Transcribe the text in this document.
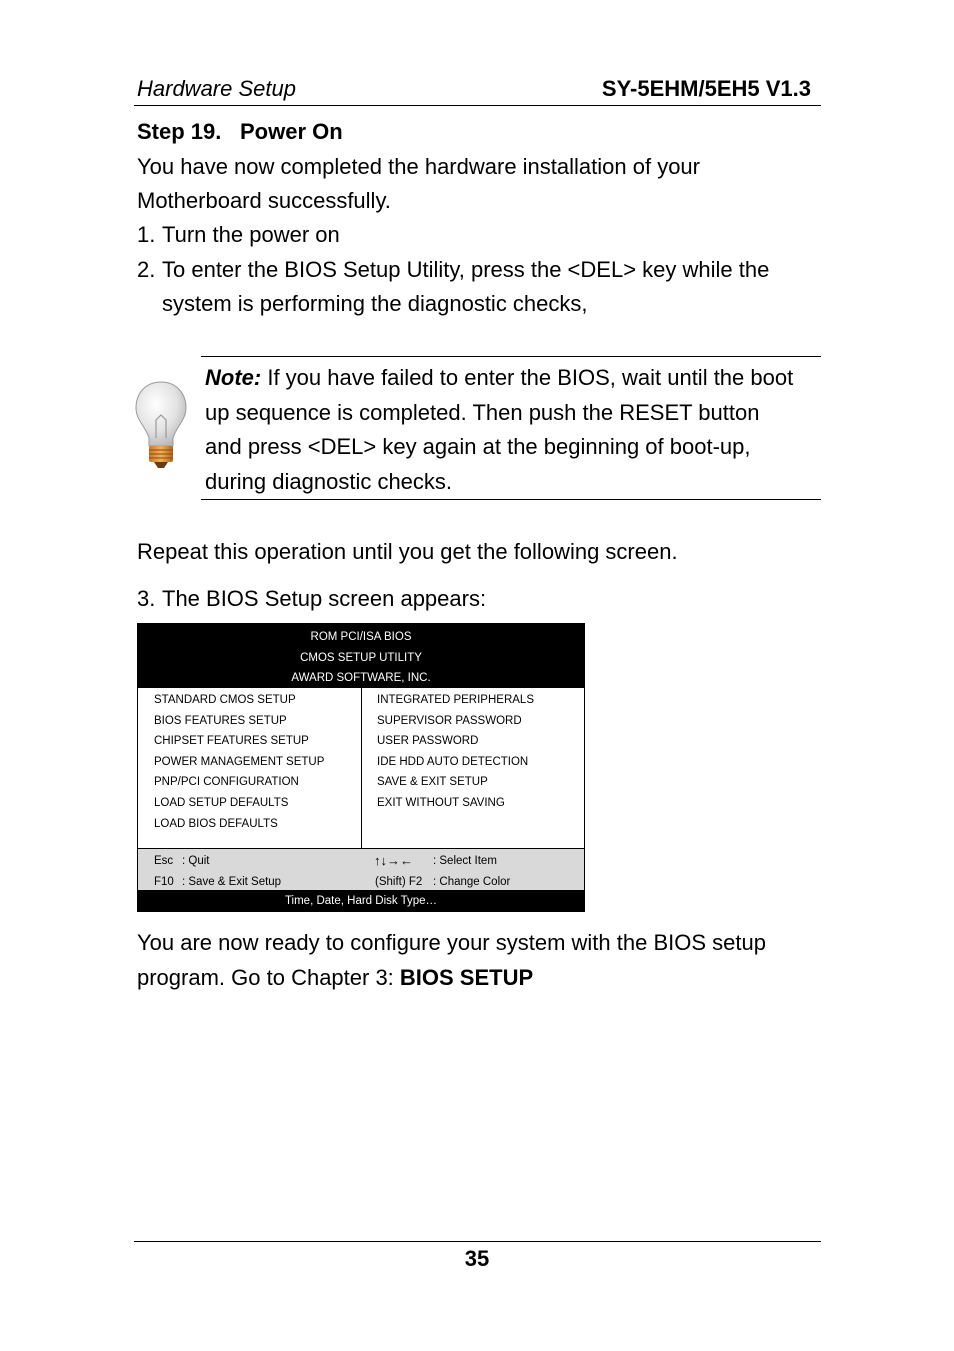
Hardware Setup	SY-5EHM/5EH5 V1.3
Step 19. Power On
You have now completed the hardware installation of your
Motherboard successfully.
1. Turn the power on
2. To enter the BIOS Setup Utility, press the <DEL> key while the
system is performing the diagnostic checks,
Note: If you have failed to enter the BIOS, wait until the boot
up sequence is completed. Then push the RESET button
and press <DEL> key again at the beginning of boot-up,
during diagnostic checks.
Repeat this operation until you get the following screen.
3. The BIOS Setup screen appears:
ROM PCI/ISA BIOS
CMOS SETUP UTILITY
AWARD SOFTWARE, INC.
STANDARD CMOS SETUP
BIOS FEATURES SETUP
CHIPSET FEATURES SETUP
POWER MANAGEMENT SETUP
PNP/PCI CONFIGURATION
LOAD SETUP DEFAULTS
LOAD BIOS DEFAULTS
INTEGRATED PERIPHERALS
SUPERVISOR PASSWORD
USER PASSWORD
IDE HDD AUTO DETECTION
SAVE & EXIT SETUP
EXIT WITHOUT SAVING
Esc : Quit
F10 : Save & Exit Setup
↑↓→← : Select Item
(Shift) F2 : Change Color
Time, Date, Hard Disk Type…
You are now ready to configure your system with the BIOS setup
program. Go to Chapter 3: BIOS SETUP
35
